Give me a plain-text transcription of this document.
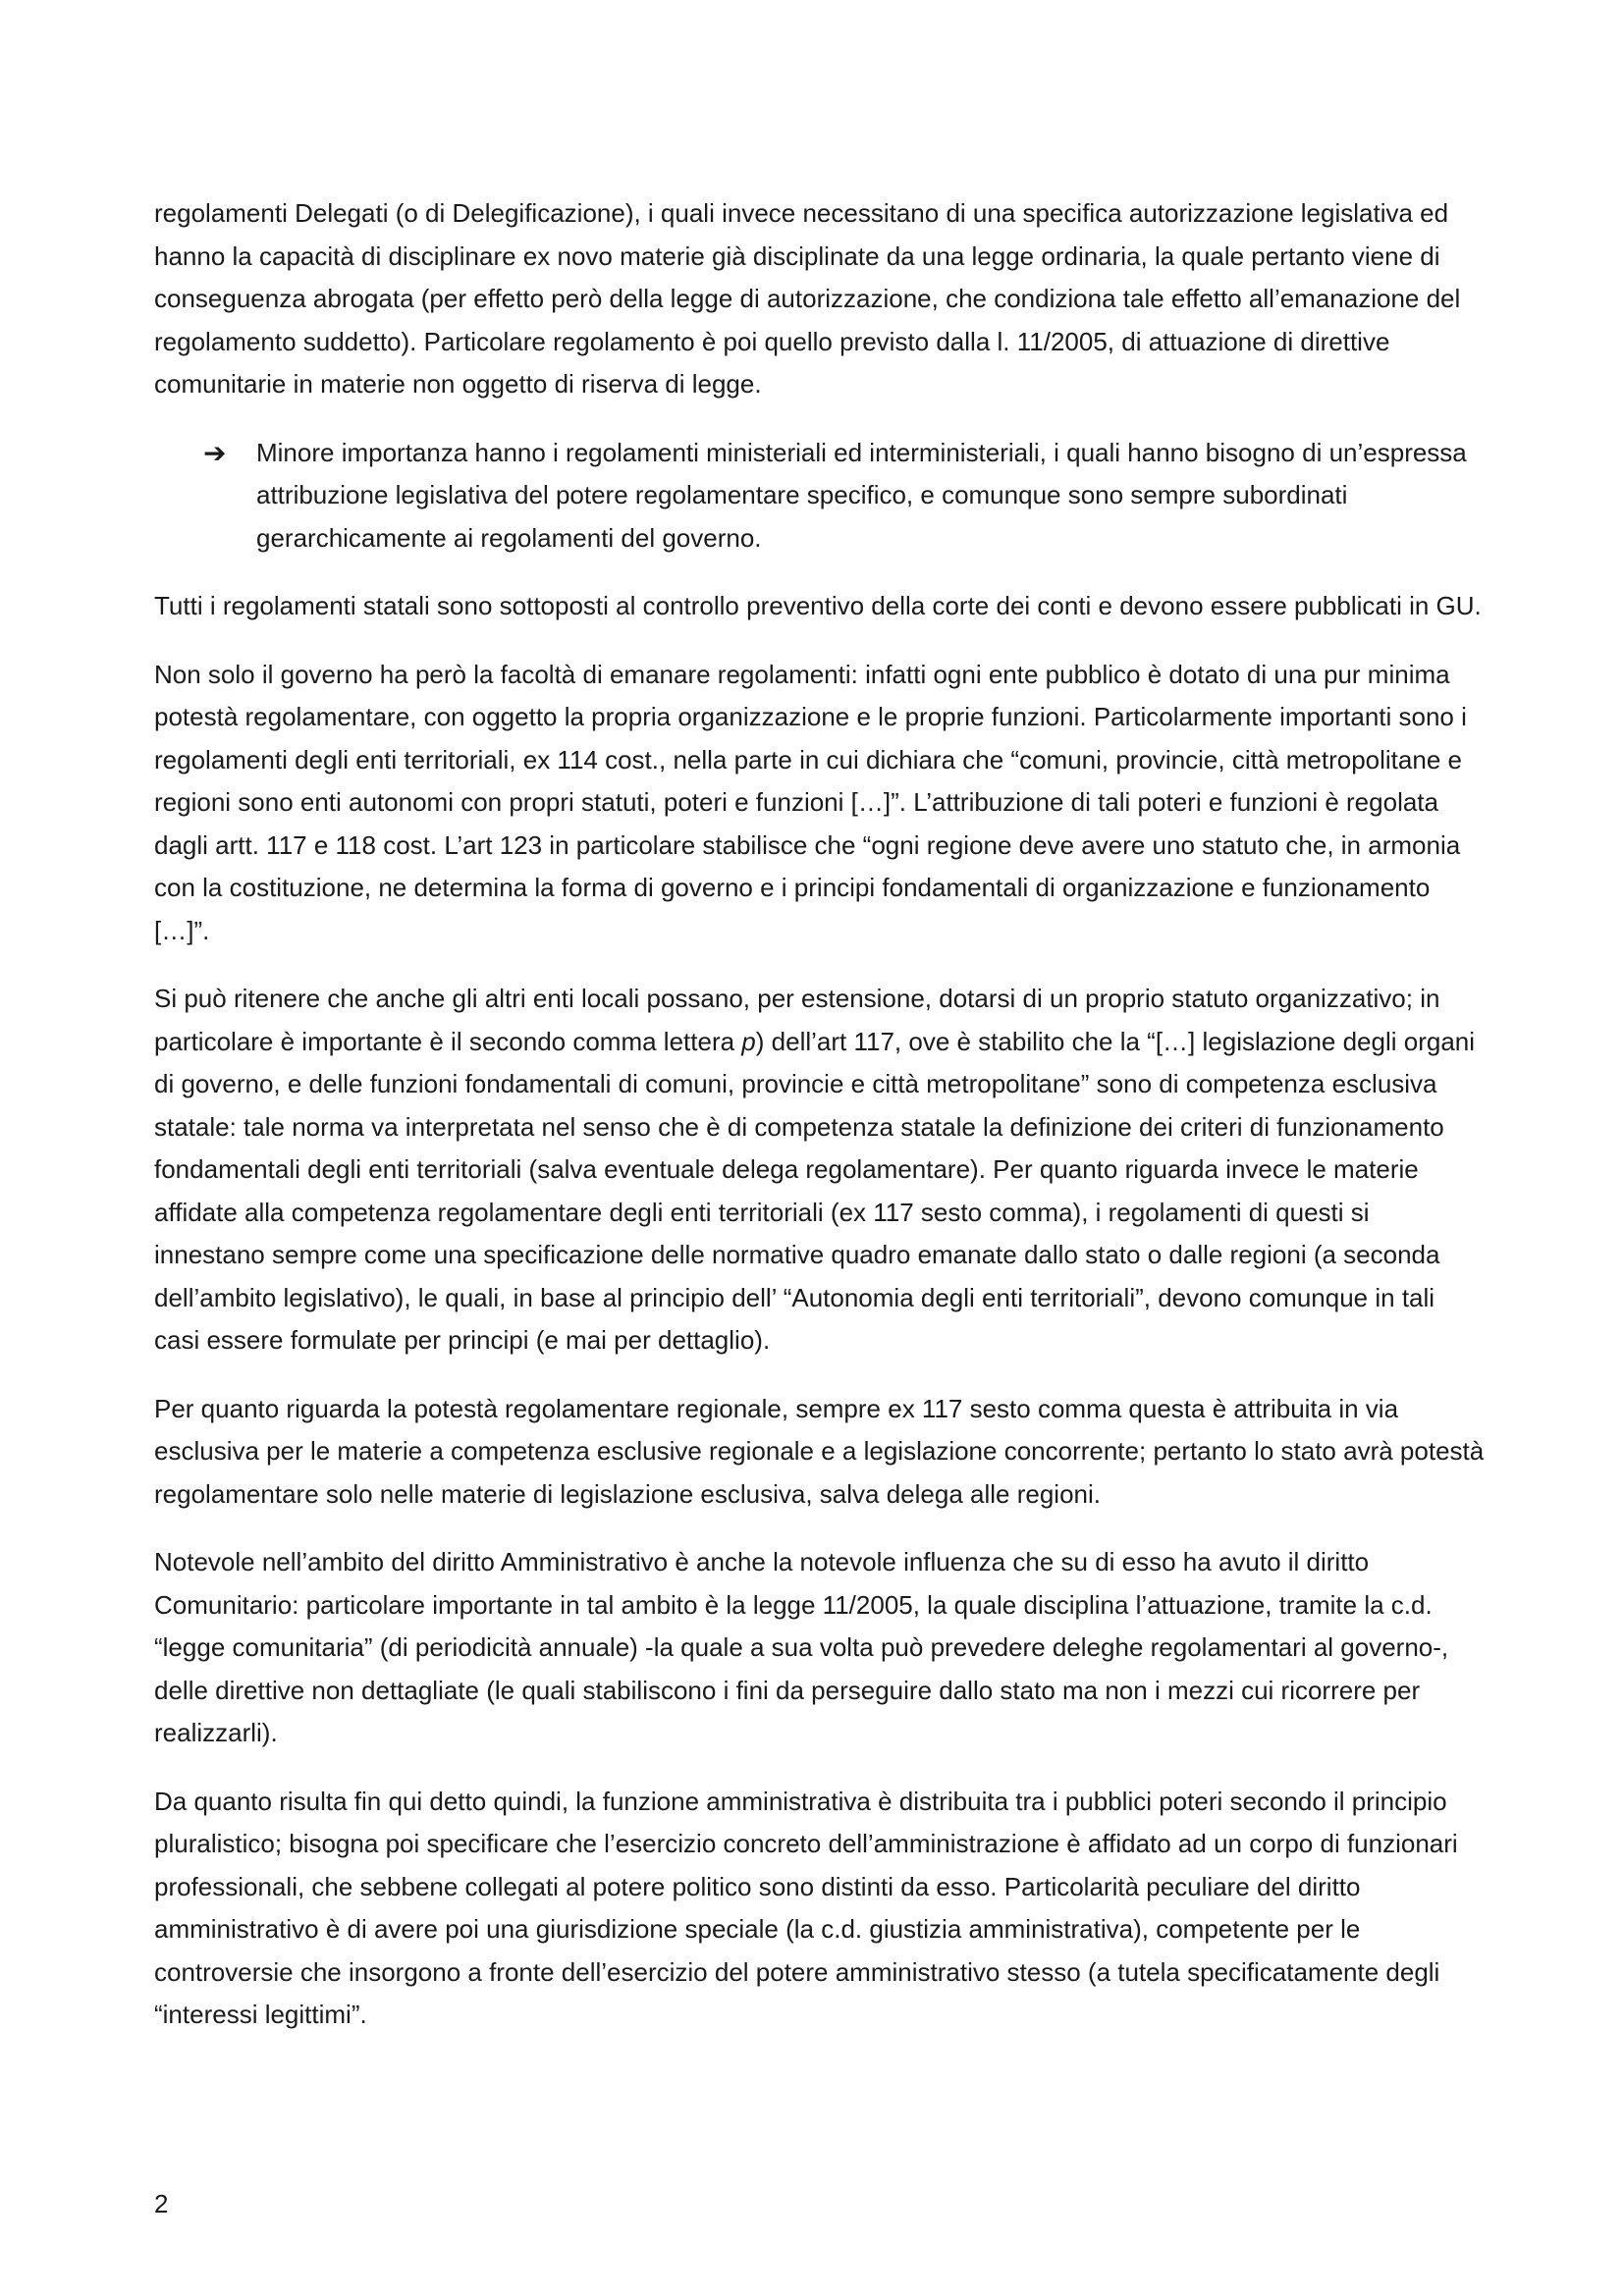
regolamenti Delegati (o di Delegificazione), i quali invece necessitano di una specifica autorizzazione legislativa ed hanno la capacità di disciplinare ex novo materie già disciplinate da una legge ordinaria, la quale pertanto viene di conseguenza abrogata (per effetto però della legge di autorizzazione, che condiziona tale effetto all’emanazione del regolamento suddetto). Particolare regolamento è poi quello previsto dalla l. 11/2005, di attuazione di direttive comunitarie in materie non oggetto di riserva di legge.

➔	Minore importanza hanno i regolamenti ministeriali ed interministeriali, i quali hanno bisogno di un’espressa attribuzione legislativa del potere regolamentare specifico, e comunque sono sempre subordinati gerarchicamente ai regolamenti del governo.

Tutti i regolamenti statali sono sottoposti al controllo preventivo della corte dei conti e devono essere pubblicati in GU.

Non solo il governo ha però la facoltà di emanare regolamenti: infatti ogni ente pubblico è dotato di una pur minima potestà regolamentare, con oggetto la propria organizzazione e le proprie funzioni. Particolarmente importanti sono i regolamenti degli enti territoriali, ex 114 cost., nella parte in cui dichiara che “comuni, provincie, città metropolitane e regioni sono enti autonomi con propri statuti, poteri e funzioni […]”. L’attribuzione di tali poteri e funzioni è regolata dagli artt. 117 e 118 cost. L’art 123 in particolare stabilisce che “ogni regione deve avere uno statuto che, in armonia con la costituzione, ne determina la forma di governo e i principi fondamentali di organizzazione e funzionamento […]”.

Si può ritenere che anche gli altri enti locali possano, per estensione, dotarsi di un proprio statuto organizzativo; in particolare è importante è il secondo comma lettera p) dell’art 117, ove è stabilito che la “[…] legislazione degli organi di governo, e delle funzioni fondamentali di comuni, provincie e città metropolitane” sono di competenza esclusiva statale: tale norma va interpretata nel senso che è di competenza statale la definizione dei criteri di funzionamento fondamentali degli enti territoriali (salva eventuale delega regolamentare). Per quanto riguarda invece le materie affidate alla competenza regolamentare degli enti territoriali (ex 117 sesto comma), i regolamenti di questi si innestano sempre come una specificazione delle normative quadro emanate dallo stato o dalle regioni (a seconda dell’ambito legislativo), le quali, in base al principio dell’ “Autonomia degli enti territoriali”, devono comunque in tali casi essere formulate per principi (e mai per dettaglio).

Per quanto riguarda la potestà regolamentare regionale, sempre ex 117 sesto comma questa è attribuita in via esclusiva per le materie a competenza esclusive regionale e a legislazione concorrente; pertanto lo stato avrà potestà regolamentare solo nelle materie di legislazione esclusiva, salva delega alle regioni.

Notevole nell’ambito del diritto Amministrativo è anche la notevole influenza che su di esso ha avuto il diritto Comunitario: particolare importante in tal ambito è la legge 11/2005, la quale disciplina l’attuazione, tramite la c.d. “legge comunitaria” (di periodicità annuale) -la quale a sua volta può prevedere deleghe regolamentari al governo-, delle direttive non dettagliate (le quali stabiliscono i fini da perseguire dallo stato ma non i mezzi cui ricorrere per realizzarli).

Da quanto risulta fin qui detto quindi, la funzione amministrativa è distribuita tra i pubblici poteri secondo il principio pluralistico; bisogna poi specificare che l’esercizio concreto dell’amministrazione è affidato ad un corpo di funzionari professionali, che sebbene collegati al potere politico sono distinti da esso. Particolarità peculiare del diritto amministrativo è di avere poi una giurisdizione speciale (la c.d. giustizia amministrativa), competente per le controversie che insorgono a fronte dell’esercizio del potere amministrativo stesso (a tutela specificatamente degli “interessi legittimi”.

2
